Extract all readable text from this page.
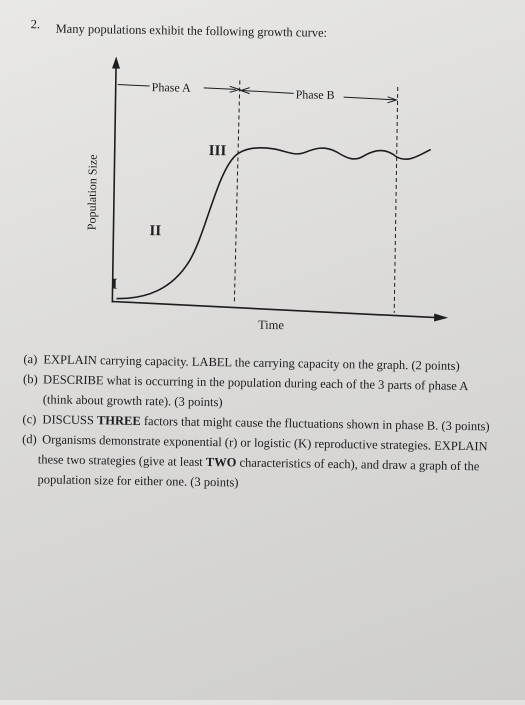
2. Many populations exhibit the following growth curve:
Phase A	Phase B
Population Size
Time
I
II
III
(a) EXPLAIN carrying capacity. LABEL the carrying capacity on the graph. (2 points)
(b) DESCRIBE what is occurring in the population during each of the 3 parts of phase A
(think about growth rate). (3 points)
(c) DISCUSS THREE factors that might cause the fluctuations shown in phase B. (3 points)
(d) Organisms demonstrate exponential (r) or logistic (K) reproductive strategies. EXPLAIN
these two strategies (give at least TWO characteristics of each), and draw a graph of the
population size for either one. (3 points)
